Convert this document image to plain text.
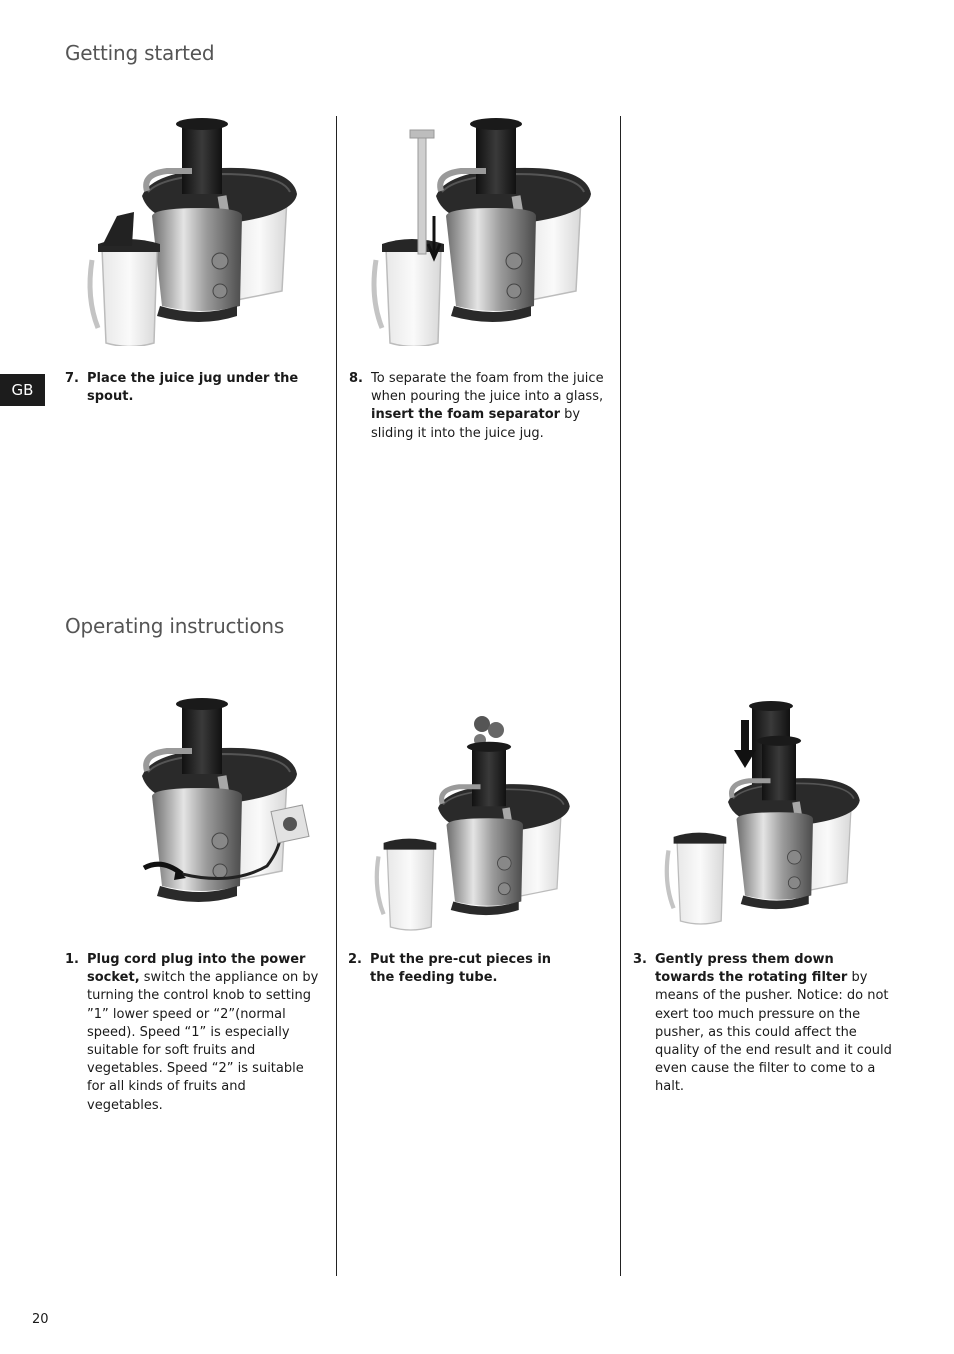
Getting started
Operating instructions
GB
7. Place the juice jug under the spout.
8. To separate the foam from the juice when pouring the juice into a glass, insert the foam separator by sliding it into the juice jug.
1. Plug cord plug into the power socket, switch the appliance on by turning the control knob to setting ”1” lower speed or “2”(normal speed). Speed “1” is especially suitable for soft fruits and vegetables. Speed “2” is suitable for all kinds of fruits and vegetables.
2. Put the pre-cut pieces in the feeding tube.
3. Gently press them down towards the rotating filter by means of the pusher. Notice: do not exert too much pressure on the pusher, as this could affect the quality of the end result and it could even cause the filter to come to a halt.
20
